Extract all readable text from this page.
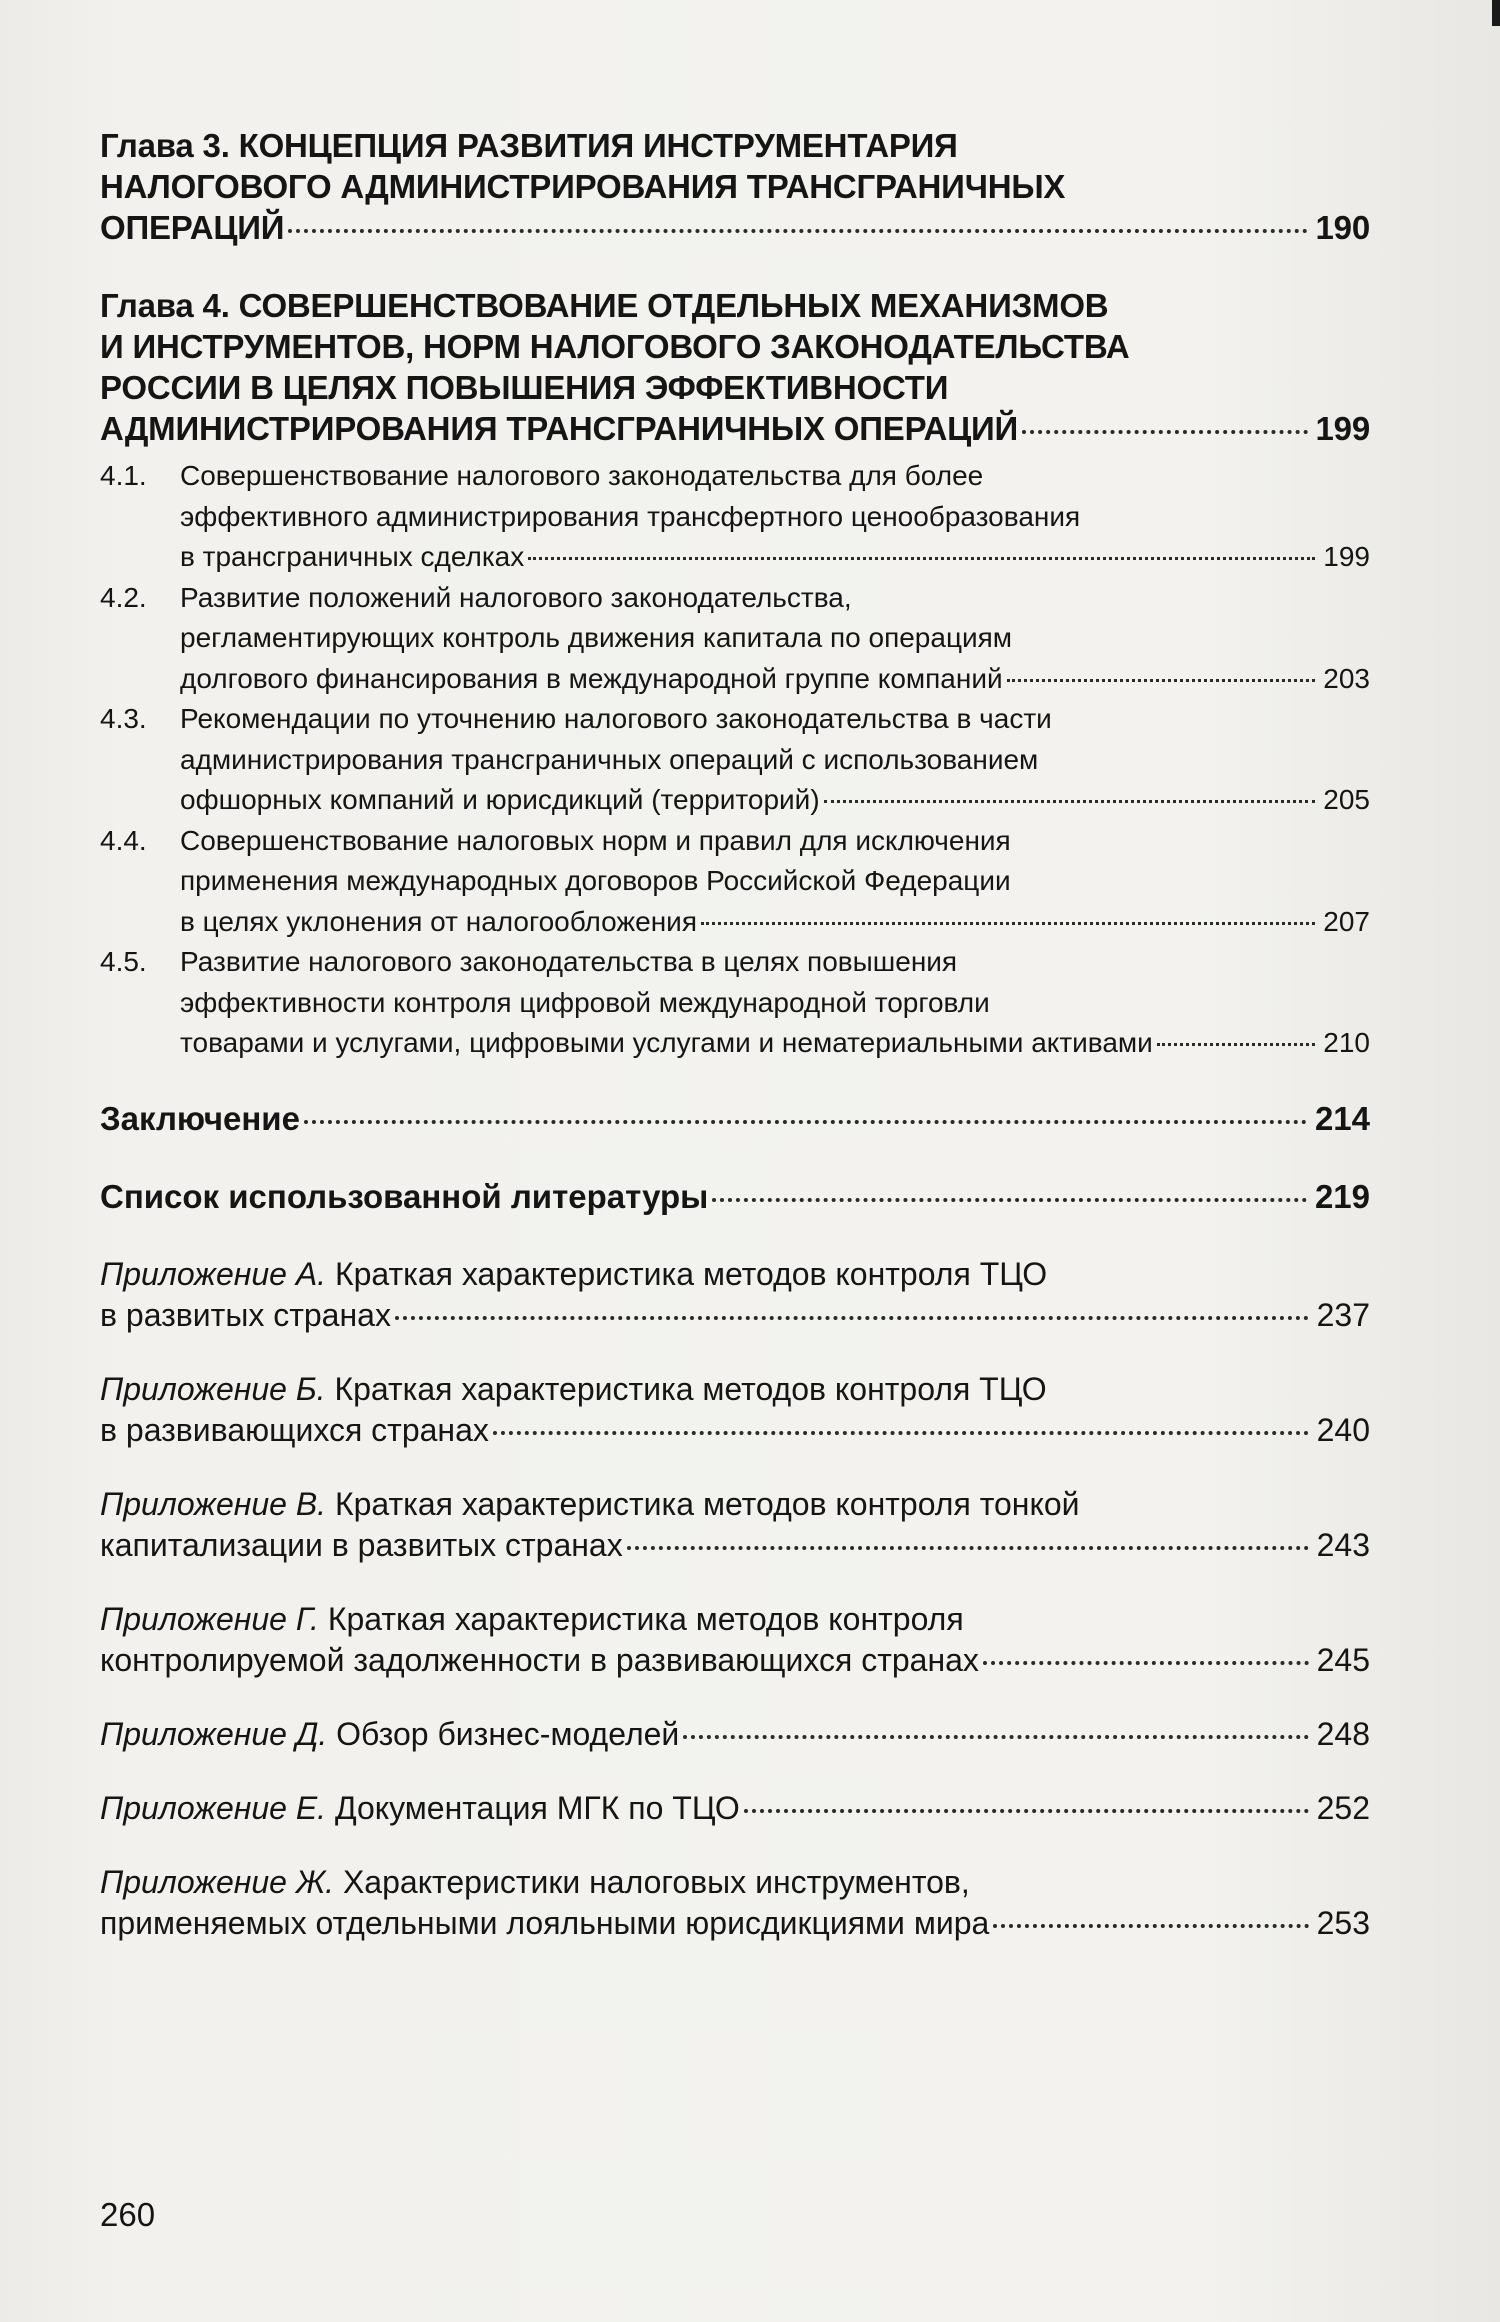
Глава 3. КОНЦЕПЦИЯ РАЗВИТИЯ ИНСТРУМЕНТАРИЯ
НАЛОГОВОГО АДМИНИСТРИРОВАНИЯ ТРАНСГРАНИЧНЫХ
ОПЕРАЦИЙ	190
Глава 4. СОВЕРШЕНСТВОВАНИЕ ОТДЕЛЬНЫХ МЕХАНИЗМОВ
И ИНСТРУМЕНТОВ, НОРМ НАЛОГОВОГО ЗАКОНОДАТЕЛЬСТВА
РОССИИ В ЦЕЛЯХ ПОВЫШЕНИЯ ЭФФЕКТИВНОСТИ
АДМИНИСТРИРОВАНИЯ ТРАНСГРАНИЧНЫХ ОПЕРАЦИЙ	199
4.1. Совершенствование налогового законодательства для более
эффективного администрирования трансфертного ценообразования
в трансграничных сделках	199
4.2. Развитие положений налогового законодательства,
регламентирующих контроль движения капитала по операциям
долгового финансирования в международной группе компаний	203
4.3. Рекомендации по уточнению налогового законодательства в части
администрирования трансграничных операций с использованием
офшорных компаний и юрисдикций (территорий)	205
4.4. Совершенствование налоговых норм и правил для исключения
применения международных договоров Российской Федерации
в целях уклонения от налогообложения	207
4.5. Развитие налогового законодательства в целях повышения
эффективности контроля цифровой международной торговли
товарами и услугами, цифровыми услугами и нематериальными активами	210
Заключение	214
Список использованной литературы	219
Приложение А. Краткая характеристика методов контроля ТЦО
в развитых странах	237
Приложение Б. Краткая характеристика методов контроля ТЦО
в развивающихся странах	240
Приложение В. Краткая характеристика методов контроля тонкой
капитализации в развитых странах	243
Приложение Г. Краткая характеристика методов контроля
контролируемой задолженности в развивающихся странах	245
Приложение Д. Обзор бизнес-моделей	248
Приложение Е. Документация МГК по ТЦО	252
Приложение Ж. Характеристики налоговых инструментов,
применяемых отдельными лояльными юрисдикциями мира	253
260
